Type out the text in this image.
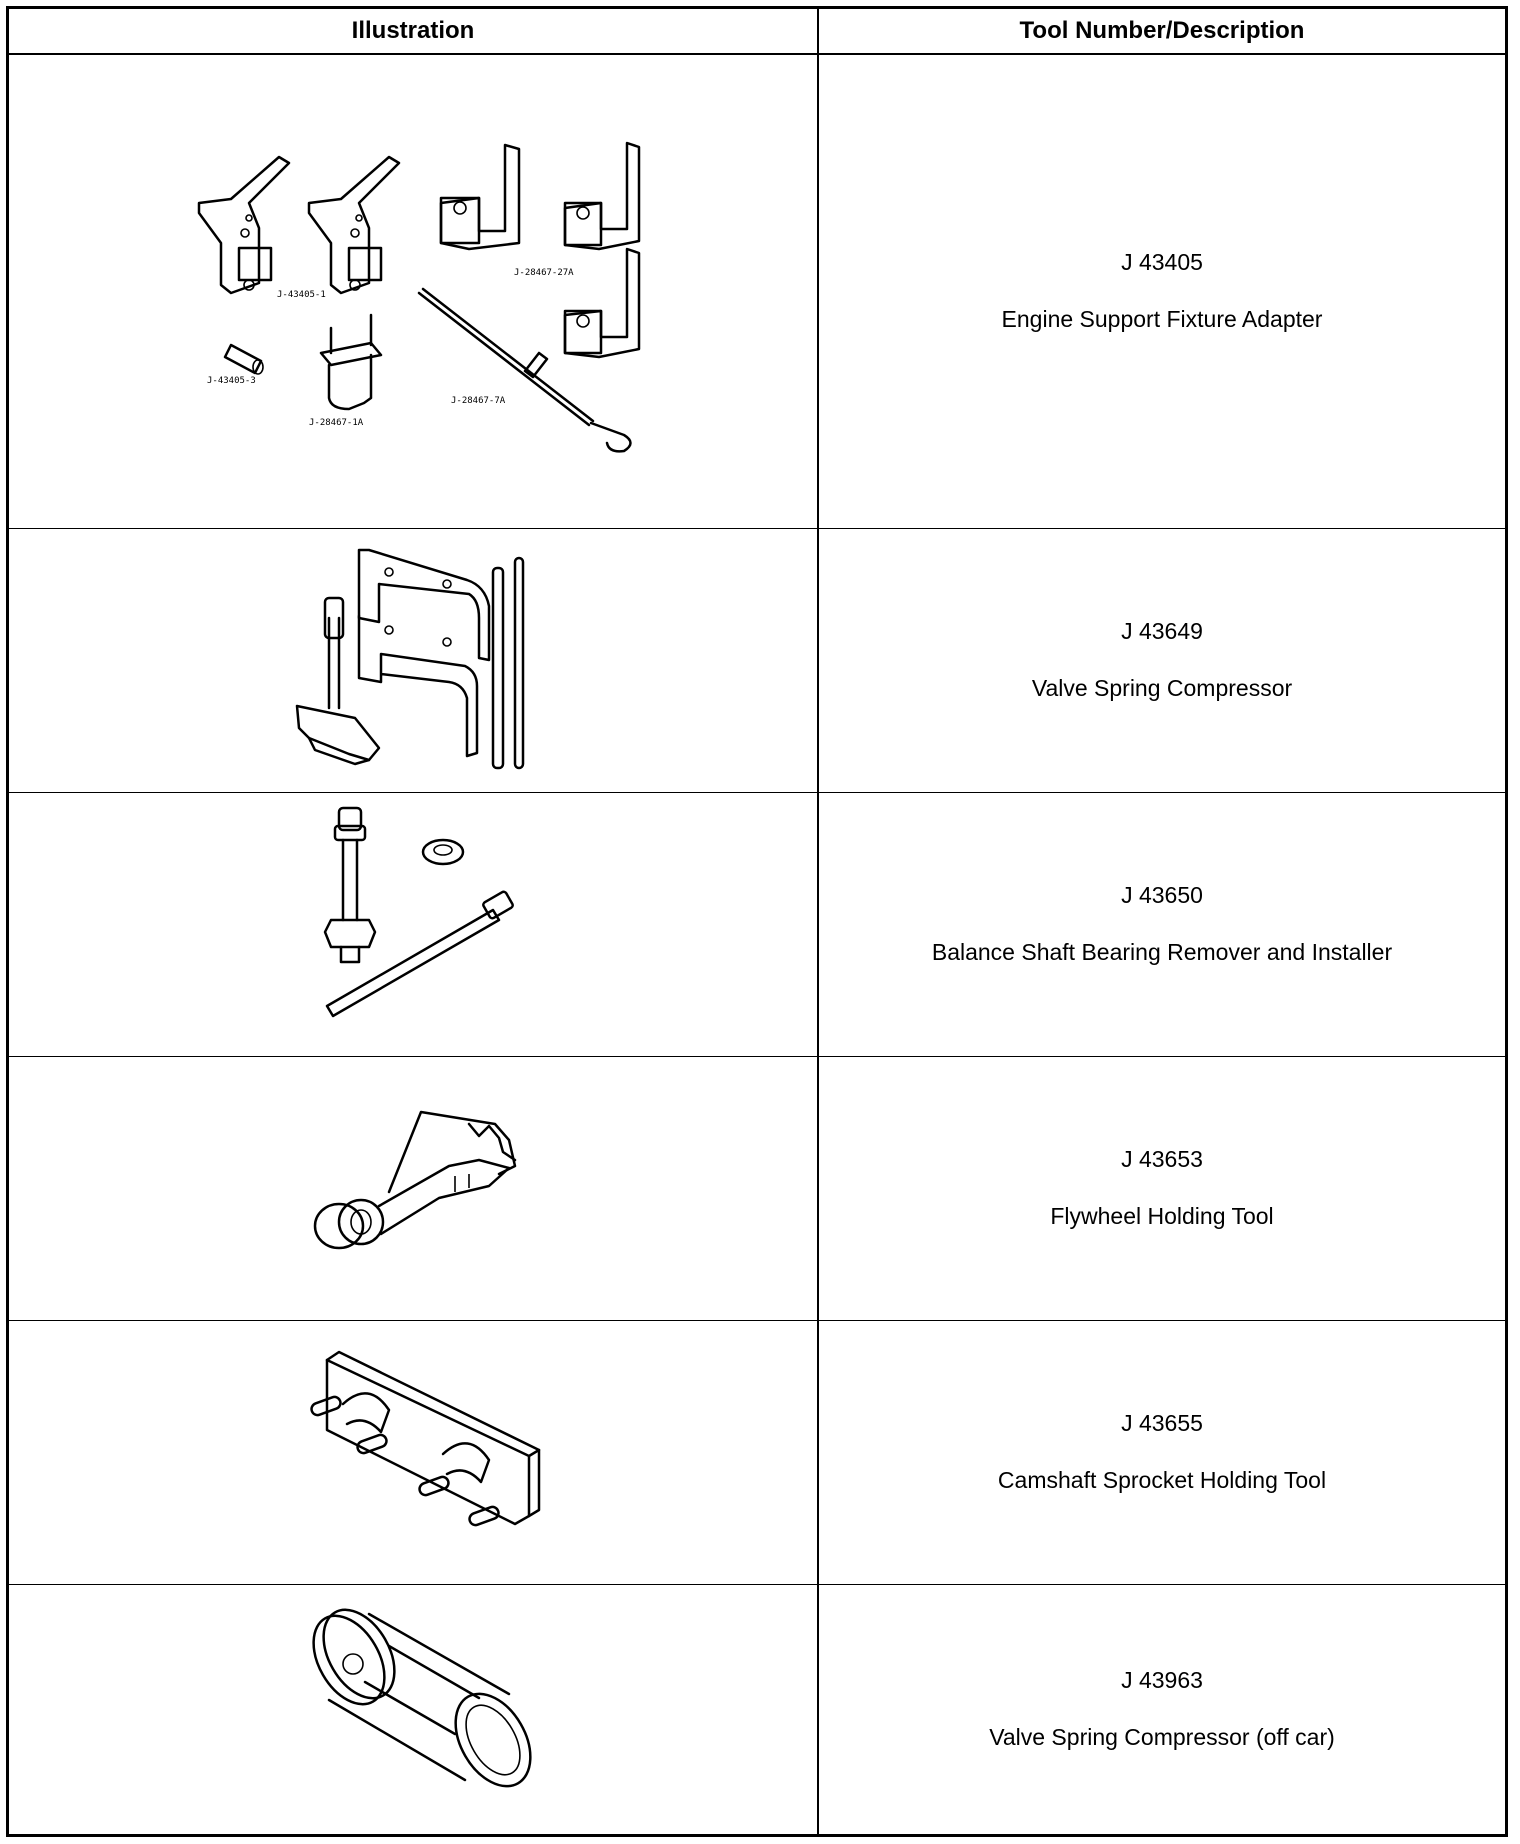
Illustration	Tool Number/Description
J-43405-1
J-28467-27A
J-28467-7A
J-43405-3
J-28467-1A
J 43405
Engine Support Fixture Adapter
J 43649
Valve Spring Compressor
J 43650
Balance Shaft Bearing Remover and Installer
J 43653
Flywheel Holding Tool
J 43655
Camshaft Sprocket Holding Tool
J 43963
Valve Spring Compressor (off car)
